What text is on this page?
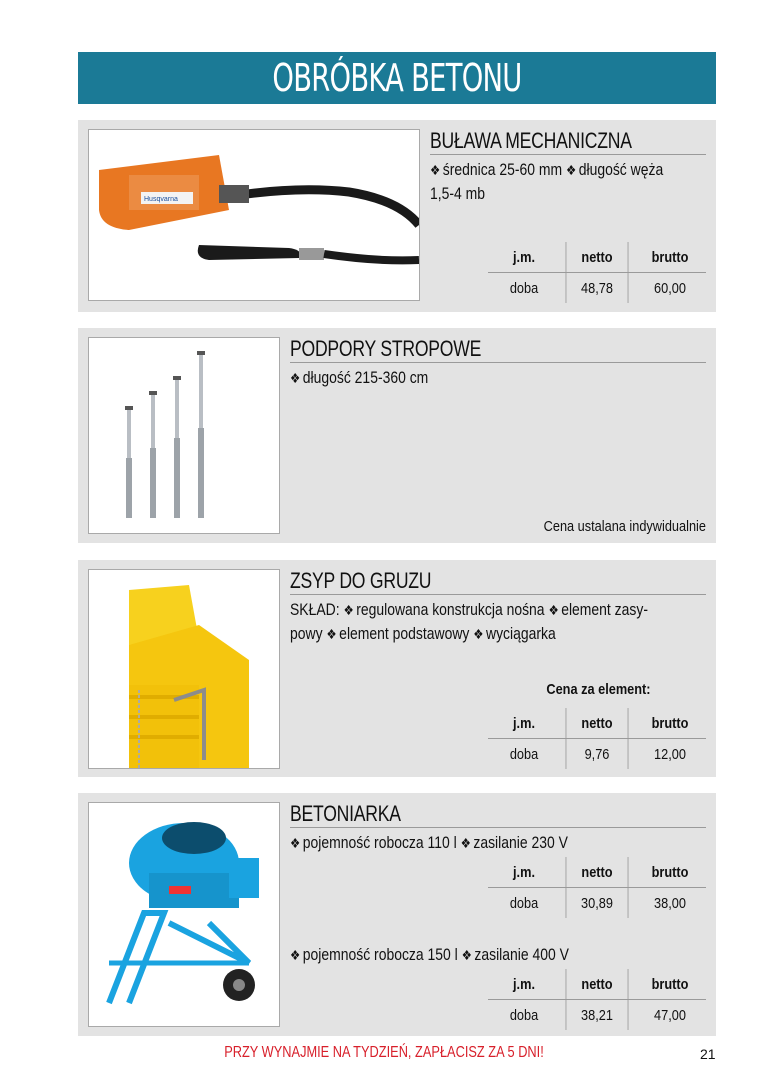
OBRÓBKA BETONU
Husqvarna
BUŁAWA MECHANICZNA
❖ średnica 25-60 mm ❖ długość węża
1,5-4 mb
j.m.	netto	brutto
doba	48,78	60,00
PODPORY STROPOWE
❖ długość 215-360 cm
Cena ustalana indywidualnie
ZSYP DO GRUZU
SKŁAD: ❖ regulowana konstrukcja nośna ❖ element zasy-
powy ❖ element podstawowy ❖ wyciągarka
Cena za element:
j.m.	netto	brutto
doba	9,76	12,00
BETONIARKA
❖ pojemność robocza 110 l ❖ zasilanie 230 V
j.m.	netto	brutto
doba	30,89	38,00
❖ pojemność robocza 150 l ❖ zasilanie 400 V
j.m.	netto	brutto
doba	38,21	47,00
PRZY WYNAJMIE NA TYDZIEŃ, ZAPŁACISZ ZA 5 DNI!	21
